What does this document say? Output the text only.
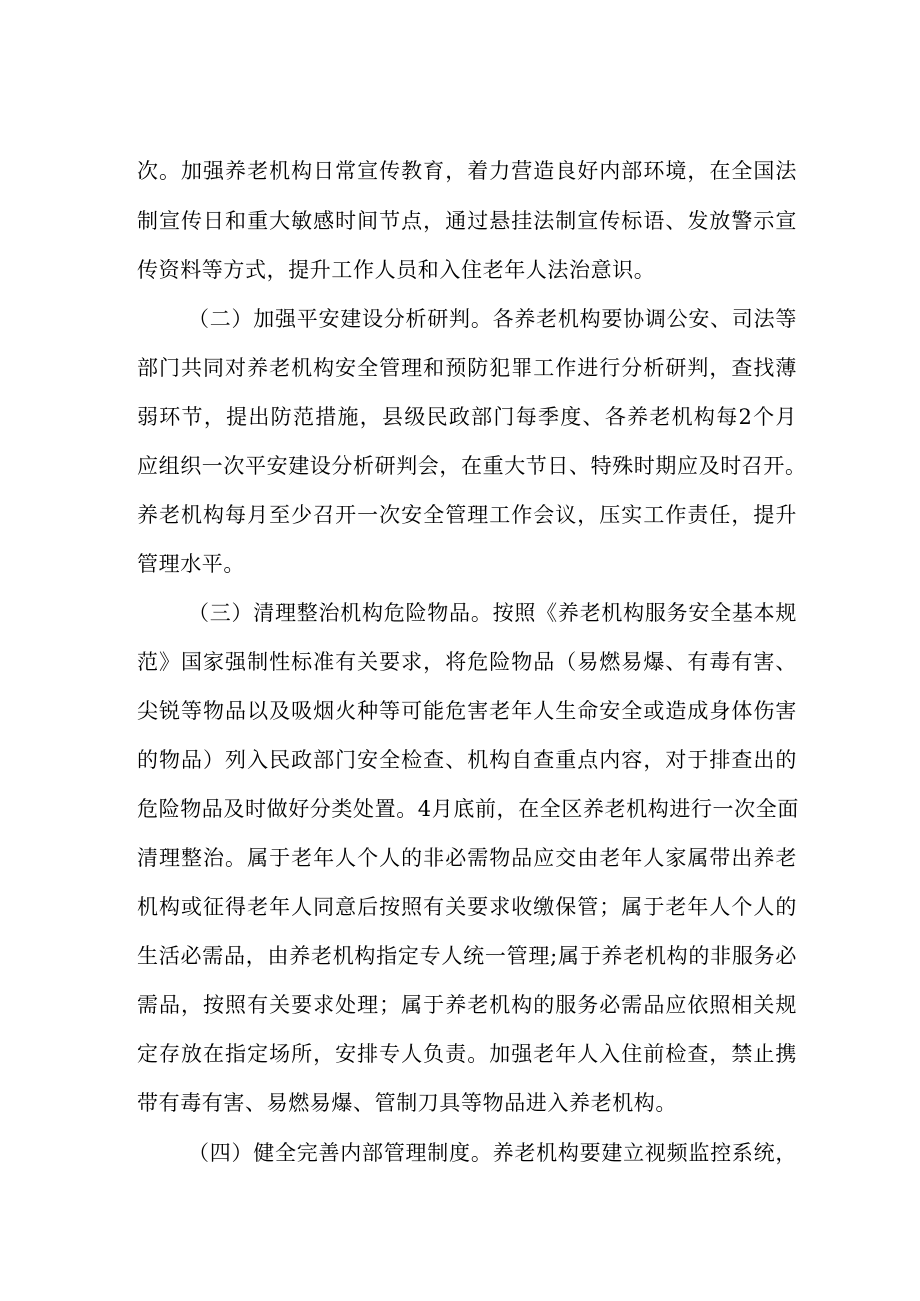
次。加强养老机构日常宣传教育，着力营造良好内部环境，在全国法
制宣传日和重大敏感时间节点，通过悬挂法制宣传标语、发放警示宣
传资料等方式，提升工作人员和入住老年人法治意识。
（二）加强平安建设分析研判。各养老机构要协调公安、司法等
部门共同对养老机构安全管理和预防犯罪工作进行分析研判，查找薄
弱环节，提出防范措施，县级民政部门每季度、各养老机构每2个月
应组织一次平安建设分析研判会，在重大节日、特殊时期应及时召开。
养老机构每月至少召开一次安全管理工作会议，压实工作责任，提升
管理水平。
（三）清理整治机构危险物品。按照《养老机构服务安全基本规
范》国家强制性标准有关要求，将危险物品（易燃易爆、有毒有害、
尖锐等物品以及吸烟火种等可能危害老年人生命安全或造成身体伤害
的物品）列入民政部门安全检查、机构自查重点内容，对于排查出的
危险物品及时做好分类处置。4月底前，在全区养老机构进行一次全面
清理整治。属于老年人个人的非必需物品应交由老年人家属带出养老
机构或征得老年人同意后按照有关要求收缴保管；属于老年人个人的
生活必需品，由养老机构指定专人统一管理;属于养老机构的非服务必
需品，按照有关要求处理；属于养老机构的服务必需品应依照相关规
定存放在指定场所，安排专人负责。加强老年人入住前检查，禁止携
带有毒有害、易燃易爆、管制刀具等物品进入养老机构。
（四）健全完善内部管理制度。养老机构要建立视频监控系统，
